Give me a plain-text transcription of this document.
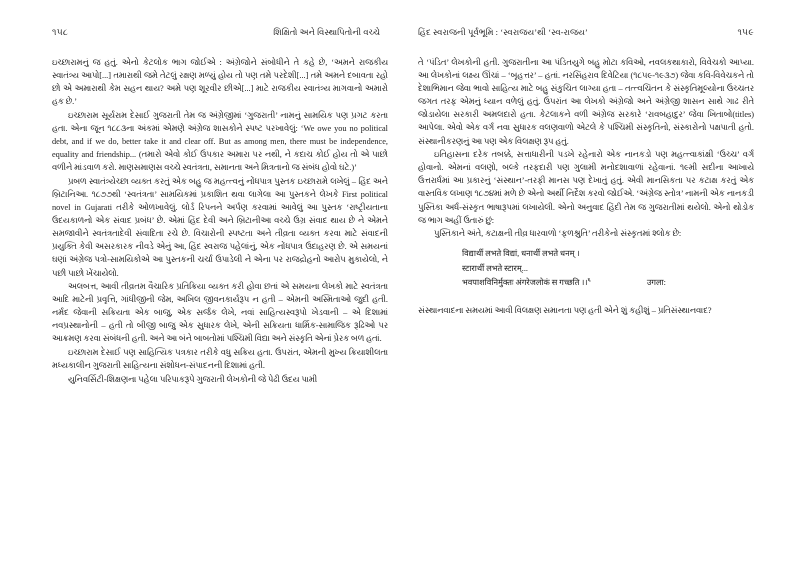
૧૫૮	શિક્ષિતો અને વિસ્થાપિતોની વચ્ચે

ઇચ્છારામનું જ હતું. એનો કેટલોક ભાગ જોઈએ : અંગ્રેજોને સંબોધીને તે કહે છે, ‘અમને રાજકીય સ્વાતંત્ર્ય આપો[...] તમારાથી જમે તેટલું રક્ષણ મળ્યું હોય તો પણ તમે પરદેશી[...] તમે અમને દબાવતા રહો છો એ અમારાથી કેમ સહન થાય? અમે પણ શૂરવીર છીએ[...] માટે રાજકીય સ્વાતંત્ર્ય માગવાનો અમારો હક છે.’

ઇચ્છારામ સૂર્યરામ દેસાઈ ગુજરાતી તેમ જ અંગ્રેજીમાં ‘ગુજરાતી’ નામનું સામયિક પણ પ્રગટ કરતા હતા. એના જૂન ૧૮૮૩ના અંકમાં એમણે અંગ્રેજ શાસકોને સ્પષ્ટ પરખાવેલું: ‘We owe you no political debt, and if we do, better take it and clear off. But as among men, there must be independence, equality and friendship... (તમારો એવો કોઈ ઉપકાર અમારા પર નથી, ને કદાચ કોઈ હોય તો એ પાછો વળીને માંડવાળ કરો. માણસમાણસ વચ્ચે સ્વતંત્રતા, સમાનતા અને મિત્રતાનો જ સંબંધ હોવો ઘટે.)’

પ્રબળ સ્વાતંત્ર્યેચ્છા વ્યક્ત કરતું એક બહુ જ મહત્ત્વનું નોંધપાત્ર પુસ્તક ઇચ્છારામે લખેલું – હિંદ અને બ્રિટાનિઆ. ૧૮૭૭થી ‘સ્વતંત્રતા’ સામયિકમાં પ્રકાશિત થવા લાગેલા આ પુસ્તકને લેખકે First political novel in Gujarati તરીકે ઓળખાવેલું. લોર્ડ રિપનને અર્પણ કરવામાં આવેલું આ પુસ્તક ‘રાષ્ટ્રીયતાના ઉદયકાળનો એક સંવાદ પ્રબંધ’ છે. એમાં હિંદ દેવી અને બ્રિટાનીઆ વચ્ચે ઉગ્ર સંવાદ થાય છે ને એમને સમજાવીને સ્વતંત્રતાદેવી સંવાદિતા રચે છે. વિચારોની સ્પષ્ટતા અને તીવ્રતા વ્યક્ત કરવા માટે સંવાદની પ્રયુક્તિ કેવી અસરકારક નીવડે એનું આ, હિંદ સ્વરાજ પહેલાંનું, એક નોંધપાત્ર ઉદાહરણ છે. એ સમયનાં ઘણાં અંગ્રેજ પત્રો-સામયિકોએ આ પુસ્તકની ચર્ચા ઉપાડેલી ને એના પર રાજદ્રોહનો આરોપ મુકાયેલો, ને પછી પાછો ખેંચાયેલો.

અલબત્ત, આવી તીવ્રતમ વૈચારિક પ્રતિક્રિયા વ્યક્ત કરી હોવા છતાં એ સમયના લેખકો માટે સ્વતંત્રતા આદિ માટેની પ્રવૃત્તિ, ગાંધીજીની જેમ, અખિલ જીવનકાર્યરૂપ ન હતી – એમની અસ્મિતાઓ જુદી હતી. નર્મદ જેવાની સક્રિયતા એક બાજુ, એક સર્જક લેખે, નવાં સાહિત્યસ્વરૂપો ખેડવાની – એ દિશામાં નવપ્રસ્થાનોની – હતી તો બીજી બાજુ એક સુધારક લેખે, એની સક્રિયતા ધાર્મિક-સામાજિક રૂઢિઓ પર આક્રમણ કરવા સંબંધની હતી. અને આ બંને બાબતોમાં પશ્ચિમી વિદ્યા અને સંસ્કૃતિ એનાં પ્રેરક બળ હતાં.

ઇચ્છારામ દેસાઈ પણ સાહિત્યિક પત્રકાર તરીકે વધુ સક્રિય હતા. ઉપરાંત, એમની મુખ્ય ક્રિયાશીલતા મધ્યકાલીન ગુજરાતી સાહિત્યના સંશોધન-સંપાદનની દિશામાં હતી.

યુનિવર્સિટી-શિક્ષણના પહેલા પરિપાકરૂપે ગુજરાતી લેખકોની જે પેઢી ઉદય પામી

હિંદ સ્વરાજની પૂર્વભૂમિ : ‘સ્વરાજય’થી ‘સ્વ-રાજય’	૧૫૯

તે ‘પંડિત’ લેખકોની હતી. ગુજરાતીના આ પંડિતયુગે બહુ મોટા કવિઓ, નવલકથાકારો, વિવેચકો આપ્યા. આ લેખકોનાં લક્ષ્ય ઊંચાં – ‘બૃહત્તર’ – હતાં. નરસિંહરાવ દિવેટિયા (૧૮૫૯-૧૯૩૭) જેવા કવિ-વિવેચકને તો દેશાભિમાન જેવા ભાવો સાહિત્ય માટે બહુ સંકુચિત લાગ્યા હતા – તત્ત્વચિંતન કે સંસ્કૃતિમૂલ્યોના ઉચ્ચતર જગત તરફ એમનું ધ્યાન વળેલું હતું. ઉપરાંત આ લેખકો અંગ્રેજો અને અંગ્રેજી શાસન સાથે ગાઢ રીતે જોડાયેલા સરકારી અમલદારો હતા. કેટલાકને વળી અંગ્રેજ સરકારે ‘રાવબહાદુર’ જેવા ખિતાબો(titles) આપેલા. એવો એક વર્ગ નવા સુધારક વલણવાળો એટલે કે પશ્ચિમી સંસ્કૃતિનો, સંસ્કારોનો પક્ષપાતી હતો. સંસ્થાનીકરણનું આ પણ એક વિલક્ષણ રૂપ હતું.

ઇતિહાસના દરેક તબક્કે, સત્તાધારીની પડખે રહેનારો એક નાનકડો પણ મહત્ત્વાકાંક્ષી ‘ઉચ્ચ’ વર્ગ હોવાનો. એમનાં વલણો, બલ્કે તરફદારી પણ ગુલામી મનોદશાવાળાં રહેવાનાં. ૧૯મી સદીના આખાયે ઉત્તરાર્ધમાં આ પ્રકારનું ‘સંસ્થાન’-તરફી માનસ પણ દેખાતું હતું. એવી માનસિકતા પર કટાક્ષ કરતું એક વાસ્તવિક લખાણ ૧૮૭૪માં મળે છે એનો અર્થી નિર્દેશ કરવો જોઈએ. ‘અંગ્રેજ સ્તોત્ર’ નામની એક નાનકડી પુસ્તિકા અર્ધ-સંસ્કૃત ભાષારૂપમાં લખાયેલી. એનો અનુવાદ હિંદી તેમ જ ગુજરાતીમાં થયેલો. એનો થોડોક જ ભાગ અહીં ઉતારું છું:

પુસ્તિકાને અંતે, કટાક્ષની તીવ્ર ધારવાળો ‘ફળશ્રુતિ’ તરીકેનો સંસ્કૃતમાં શ્લોક છે:

विद्यार्थी लभते विद्यां, धनार्थी लभते धनम् ।

स्टारार्थी लभते स्टारम्...

भवपाशविनिर्मुक्तः अंगरेजलोकं स गच्छति ।।$^૬$	उगला:

સંસ્થાનવાદના સમયમાં આવી વિલક્ષણ સમાનતા પણ હતી એને શું કહીશું – પ્રતિસંસ્થાનવાદ?
